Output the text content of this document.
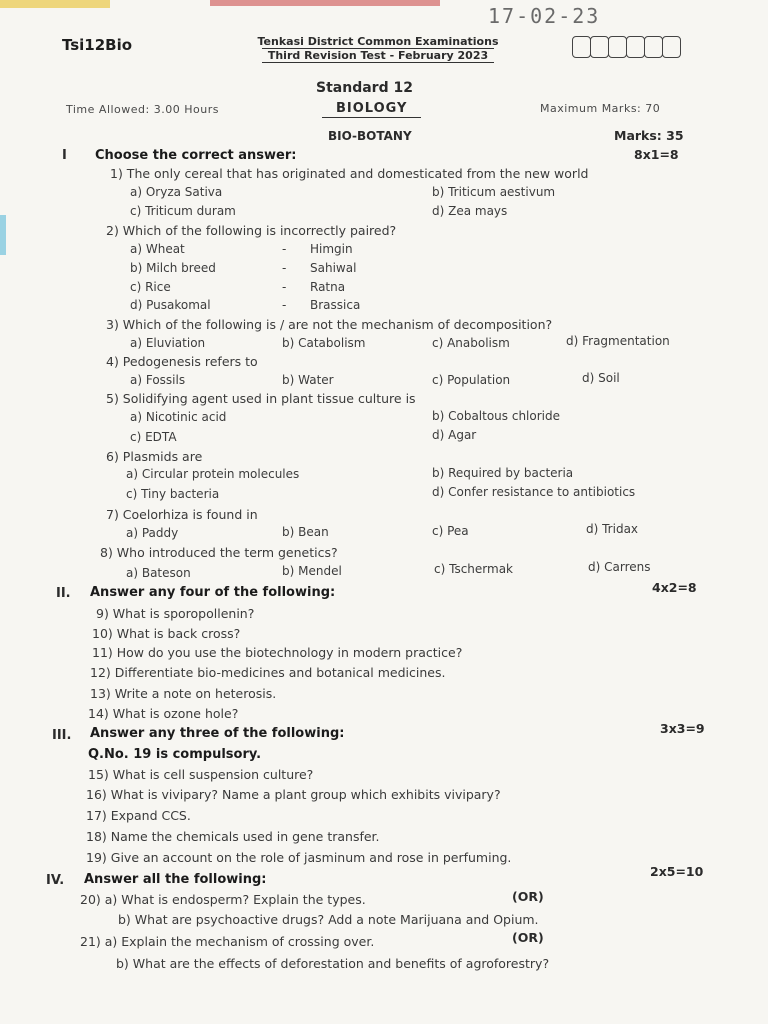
17-02-23
Tsi12Bio	Tenkasi District Common Examinations
Third Revision Test - February 2023
Standard 12
Time Allowed: 3.00 Hours	BIOLOGY	Maximum Marks: 70
BIO-BOTANY	Marks: 35
I Choose the correct answer:	8x1=8
1) The only cereal that has originated and domesticated from the new world
a) Oryza Sativa	b) Triticum aestivum
c) Triticum duram	d) Zea mays
2) Which of the following is incorrectly paired?
a) Wheat	- Himgin
b) Milch breed	- Sahiwal
c) Rice	- Ratna
d) Pusakomal	- Brassica
3) Which of the following is / are not the mechanism of decomposition?
a) Eluviation	b) Catabolism	c) Anabolism	d) Fragmentation
4) Pedogenesis refers to
a) Fossils	b) Water	c) Population	d) Soil
5) Solidifying agent used in plant tissue culture is
a) Nicotinic acid	b) Cobaltous chloride
c) EDTA	d) Agar
6) Plasmids are
a) Circular protein molecules	b) Required by bacteria
c) Tiny bacteria	d) Confer resistance to antibiotics
7) Coelorhiza is found in
a) Paddy	b) Bean	c) Pea	d) Tridax
8) Who introduced the term genetics?
a) Bateson	b) Mendel	c) Tschermak	d) Carrens
II. Answer any four of the following:	4x2=8
9) What is sporopollenin?
10) What is back cross?
11) How do you use the biotechnology in modern practice?
12) Differentiate bio-medicines and botanical medicines.
13) Write a note on heterosis.
14) What is ozone hole?
III. Answer any three of the following:	3x3=9
Q.No. 19 is compulsory.
15) What is cell suspension culture?
16) What is vivipary? Name a plant group which exhibits vivipary?
17) Expand CCS.
18) Name the chemicals used in gene transfer.
19) Give an account on the role of jasminum and rose in perfuming.
IV. Answer all the following:
2x5=10
20) a) What is endosperm? Explain the types.	(OR)
b) What are psychoactive drugs? Add a note Marijuana and Opium.
21) a) Explain the mechanism of crossing over.	(OR)
b) What are the effects of deforestation and benefits of agroforestry?
